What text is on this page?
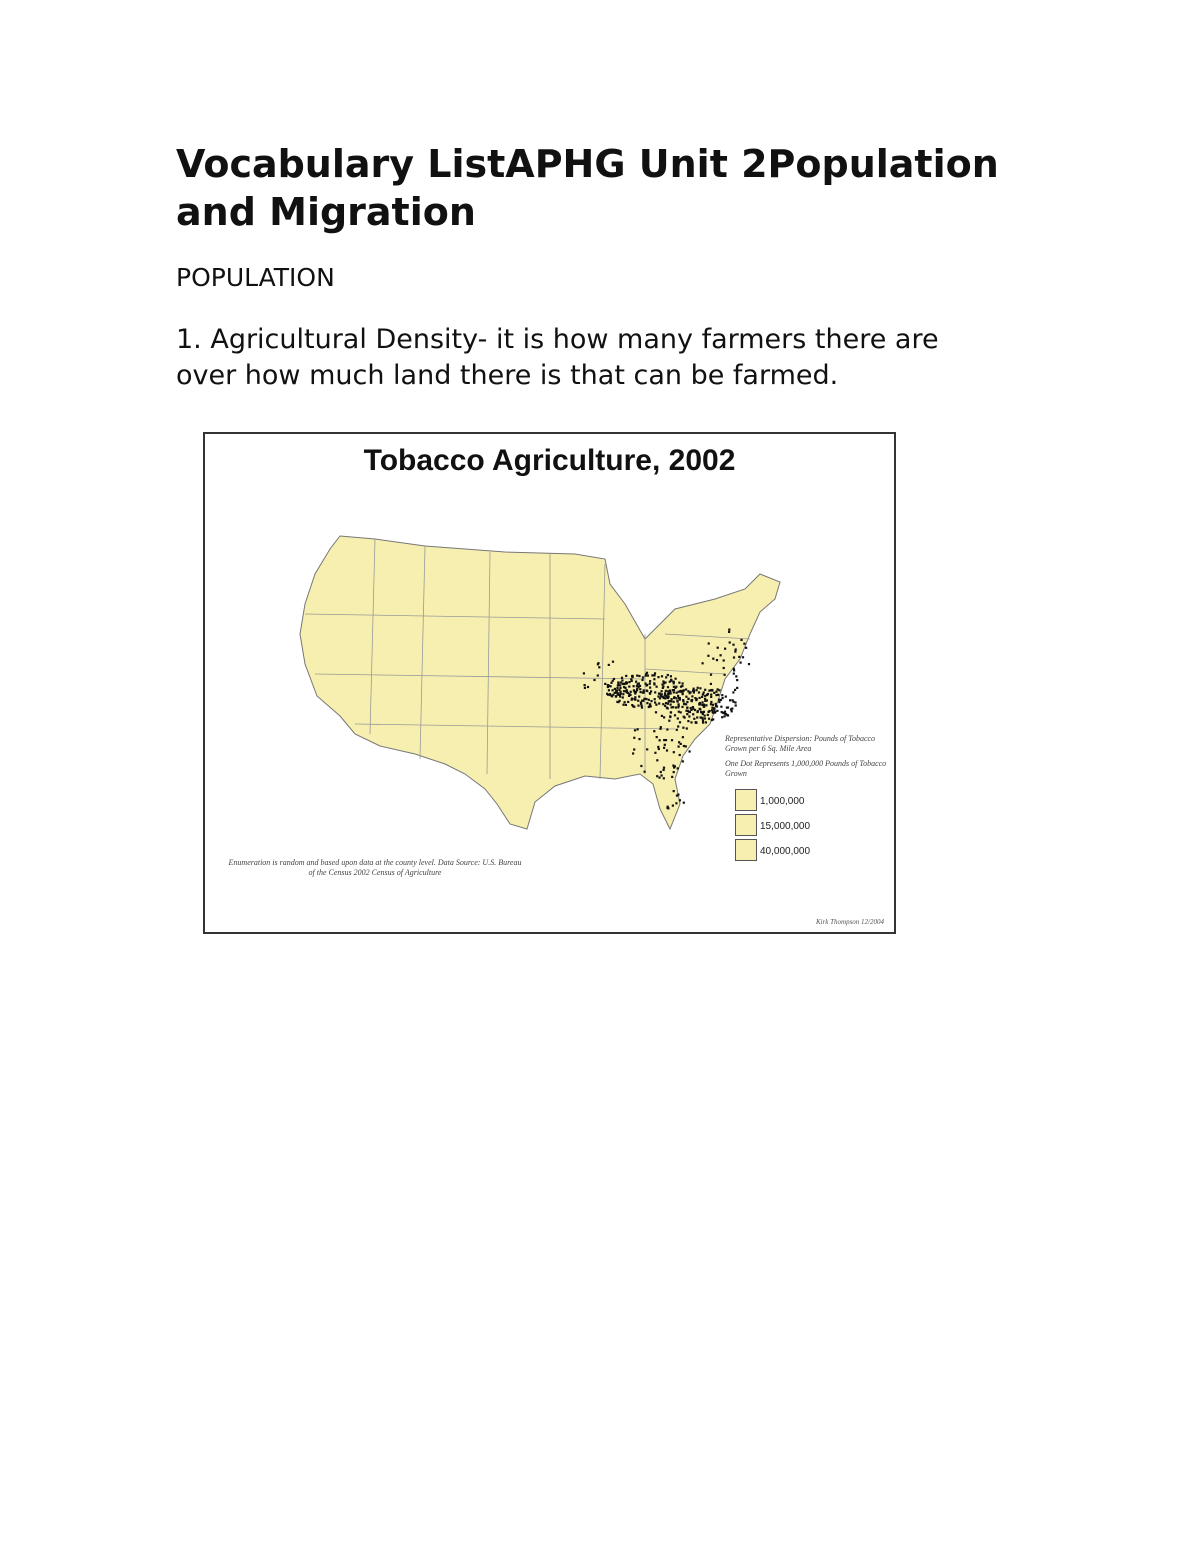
Vocabulary ListAPHG Unit 2Population and Migration
POPULATION

1. Agricultural Density- it is how many farmers there are over how much land there is that can be farmed.

Tobacco Agriculture, 2002
Representative Dispersion: Pounds of Tobacco Grown per 6 Sq. Mile Area
One Dot Represents 1,000,000 Pounds of Tobacco Grown
1,000,000
15,000,000
40,000,000
Enumeration is random and based upon data at the county level. Data Source: U.S. Bureau of the Census 2002 Census of Agriculture
Kirk Thompson 12/2004
